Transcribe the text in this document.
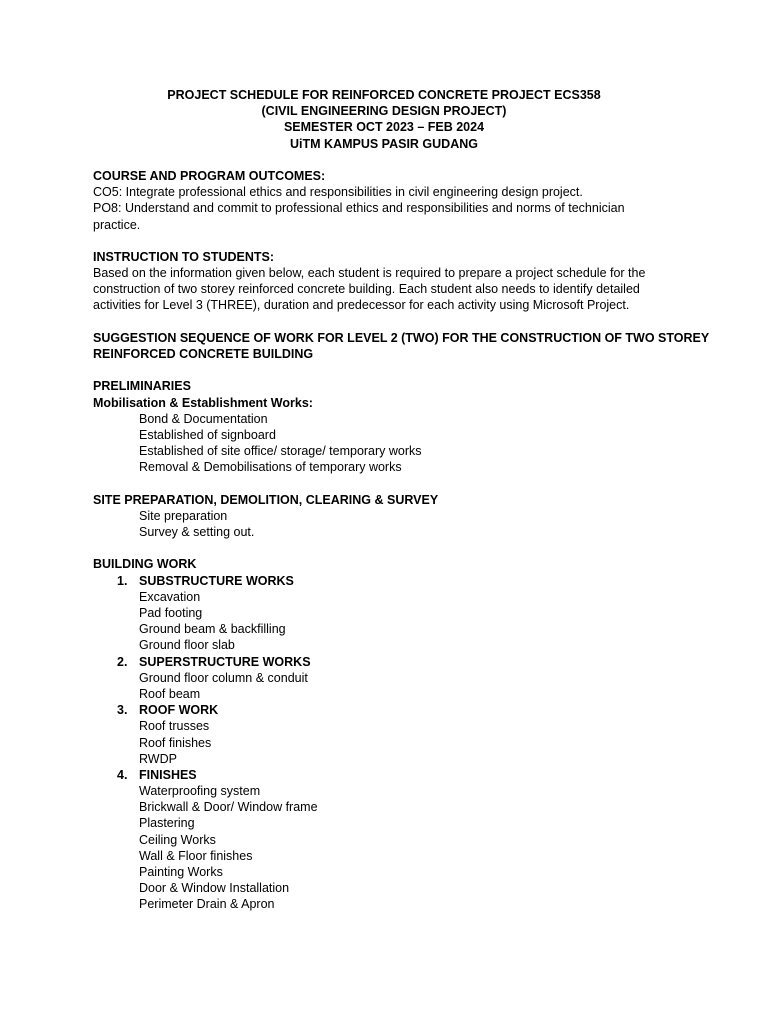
PROJECT SCHEDULE FOR REINFORCED CONCRETE PROJECT ECS358
(CIVIL ENGINEERING DESIGN PROJECT)
SEMESTER OCT 2023 – FEB 2024
UiTM KAMPUS PASIR GUDANG
COURSE AND PROGRAM OUTCOMES:
CO5: Integrate professional ethics and responsibilities in civil engineering design project.
PO8: Understand and commit to professional ethics and responsibilities and norms of technician
practice.
INSTRUCTION TO STUDENTS:
Based on the information given below, each student is required to prepare a project schedule for the
construction of two storey reinforced concrete building. Each student also needs to identify detailed
activities for Level 3 (THREE), duration and predecessor for each activity using Microsoft Project.
SUGGESTION SEQUENCE OF WORK FOR LEVEL 2 (TWO) FOR THE CONSTRUCTION OF TWO STOREY
REINFORCED CONCRETE BUILDING
PRELIMINARIES
Mobilisation & Establishment Works:
Bond & Documentation
Established of signboard
Established of site office/ storage/ temporary works
Removal & Demobilisations of temporary works
SITE PREPARATION, DEMOLITION, CLEARING & SURVEY
Site preparation
Survey & setting out.
BUILDING WORK
1. SUBSTRUCTURE WORKS
Excavation
Pad footing
Ground beam & backfilling
Ground floor slab
2. SUPERSTRUCTURE WORKS
Ground floor column & conduit
Roof beam
3. ROOF WORK
Roof trusses
Roof finishes
RWDP
4. FINISHES
Waterproofing system
Brickwall & Door/ Window frame
Plastering
Ceiling Works
Wall & Floor finishes
Painting Works
Door & Window Installation
Perimeter Drain & Apron
